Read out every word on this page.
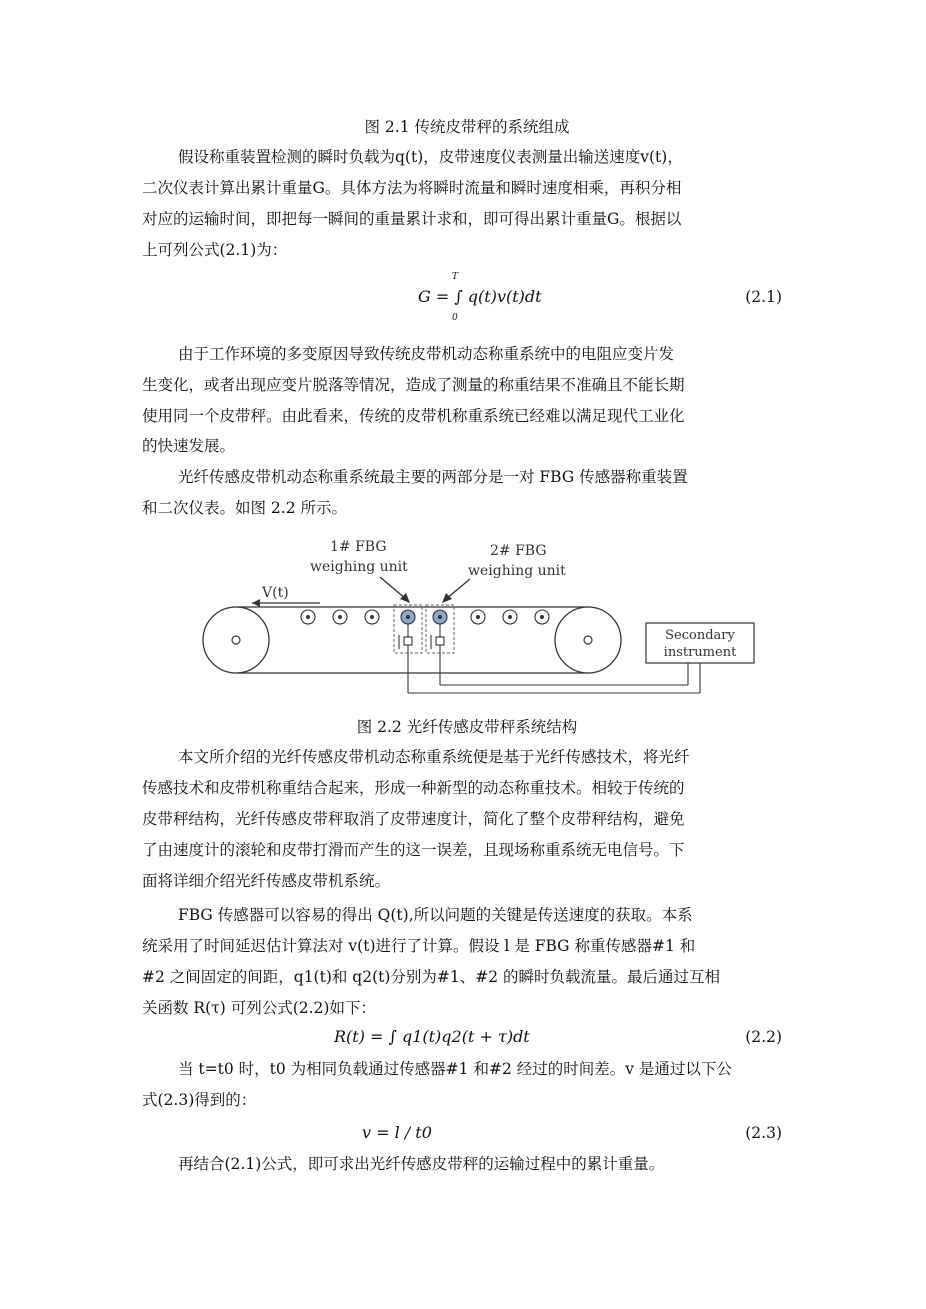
图 2.1 传统皮带秤的系统组成
假设称重装置检测的瞬时负载为q(t)，皮带速度仪表测量出输送速度v(t)，
二次仪表计算出累计重量G。具体方法为将瞬时流量和瞬时速度相乘，再积分相
对应的运输时间，即把每一瞬间的重量累计求和，即可得出累计重量G。根据以
上可列公式(2.1)为：
T
G = ∫ q(t)v(t)dt
0
(2.1)
由于工作环境的多变原因导致传统皮带机动态称重系统中的电阻应变片发
生变化，或者出现应变片脱落等情况，造成了测量的称重结果不准确且不能长期
使用同一个皮带秤。由此看来，传统的皮带机称重系统已经难以满足现代工业化
的快速发展。
光纤传感皮带机动态称重系统最主要的两部分是一对 FBG 传感器称重装置
和二次仪表。如图 2.2 所示。
1# FBG
weighing unit
2# FBG
weighing unit
V(t)
Secondary
instrument
图 2.2 光纤传感皮带秤系统结构
本文所介绍的光纤传感皮带机动态称重系统便是基于光纤传感技术，将光纤
传感技术和皮带机称重结合起来，形成一种新型的动态称重技术。相较于传统的
皮带秤结构，光纤传感皮带秤取消了皮带速度计，简化了整个皮带秤结构，避免
了由速度计的滚轮和皮带打滑而产生的这一误差，且现场称重系统无电信号。下
面将详细介绍光纤传感皮带机系统。
FBG 传感器可以容易的得出 Q(t),所以问题的关键是传送速度的获取。本系
统采用了时间延迟估计算法对 v(t)进行了计算。假设 l 是 FBG 称重传感器#1 和
#2 之间固定的间距，q1(t)和 q2(t)分别为#1、#2 的瞬时负载流量。最后通过互相
关函数 R(τ) 可列公式(2.2)如下：
R(t) = ∫ q1(t)q2(t + τ)dt	(2.2)
当 t=t0 时，t0 为相同负载通过传感器#1 和#2 经过的时间差。v 是通过以下公
式(2.3)得到的：
v = l / t0	(2.3)
再结合(2.1)公式，即可求出光纤传感皮带秤的运输过程中的累计重量。
